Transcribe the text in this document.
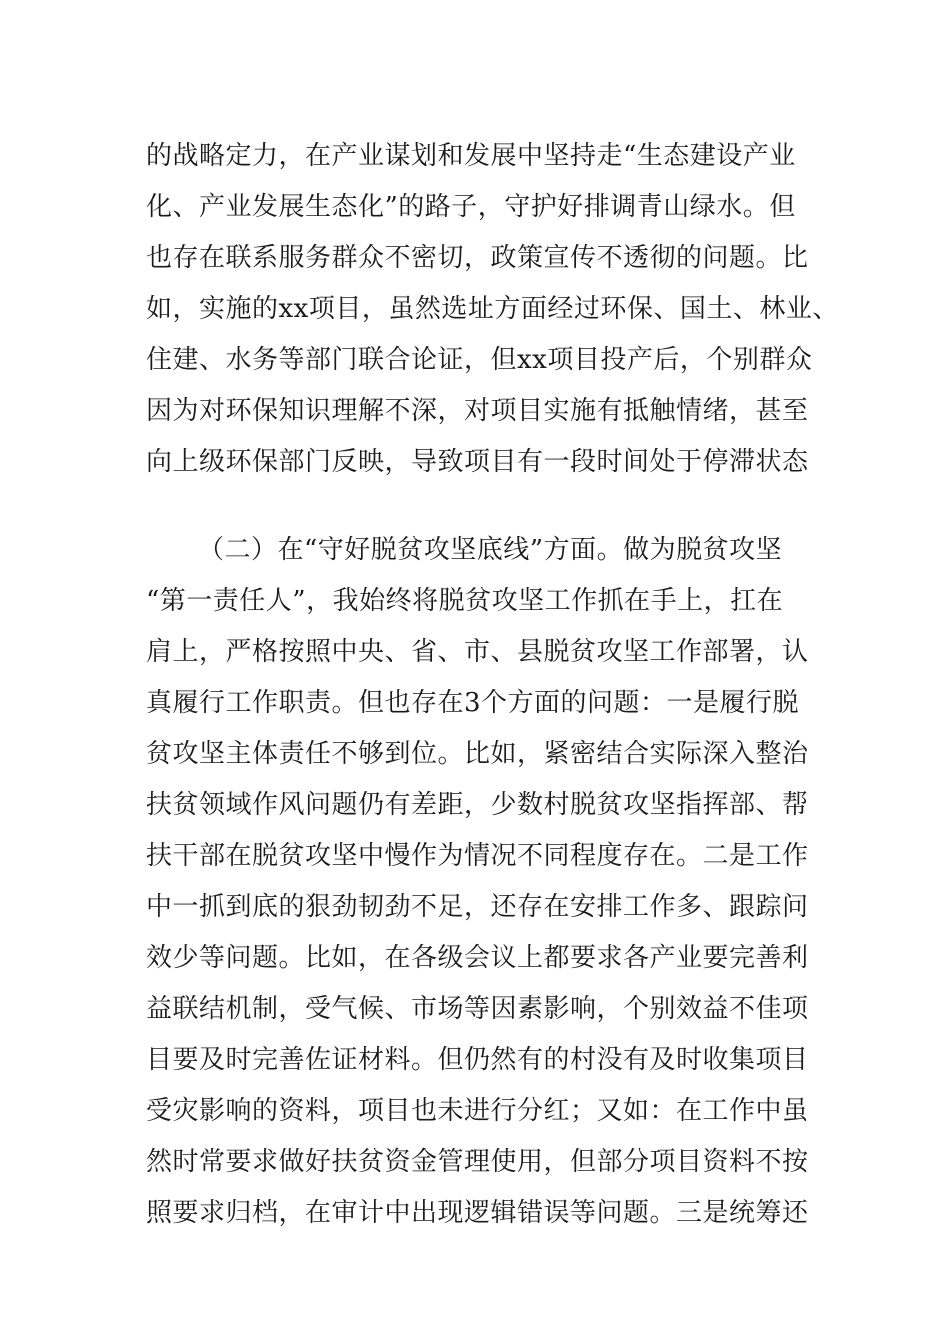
的战略定力，在产业谋划和发展中坚持走“生态建设产业
化、产业发展生态化”的路子，守护好排调青山绿水。但
也存在联系服务群众不密切，政策宣传不透彻的问题。比
如，实施的xx项目，虽然选址方面经过环保、国土、林业、
住建、水务等部门联合论证，但xx项目投产后，个别群众
因为对环保知识理解不深，对项目实施有抵触情绪，甚至
向上级环保部门反映，导致项目有一段时间处于停滞状态
（二）在“守好脱贫攻坚底线”方面。做为脱贫攻坚
“第一责任人”，我始终将脱贫攻坚工作抓在手上，扛在
肩上，严格按照中央、省、市、县脱贫攻坚工作部署，认
真履行工作职责。但也存在3个方面的问题：一是履行脱
贫攻坚主体责任不够到位。比如，紧密结合实际深入整治
扶贫领域作风问题仍有差距，少数村脱贫攻坚指挥部、帮
扶干部在脱贫攻坚中慢作为情况不同程度存在。二是工作
中一抓到底的狠劲韧劲不足，还存在安排工作多、跟踪问
效少等问题。比如，在各级会议上都要求各产业要完善利
益联结机制，受气候、市场等因素影响，个别效益不佳项
目要及时完善佐证材料。但仍然有的村没有及时收集项目
受灾影响的资料，项目也未进行分红；又如：在工作中虽
然时常要求做好扶贫资金管理使用，但部分项目资料不按
照要求归档，在审计中出现逻辑错误等问题。三是统筹还
